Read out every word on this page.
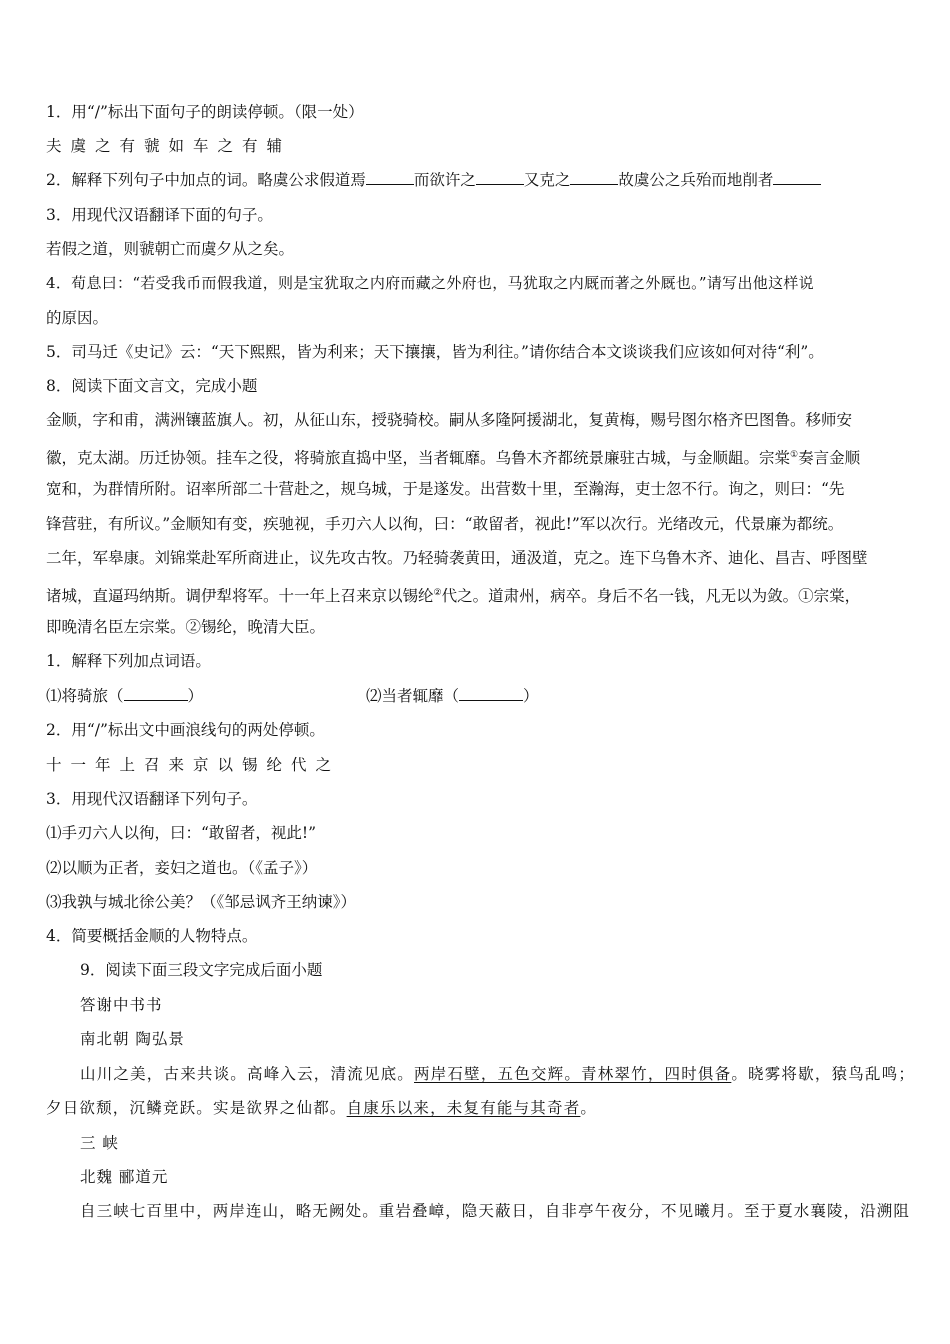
1．用“/”标出下面句子的朗读停顿。（限一处）
夫虞之有虢如车之有辅
2．解释下列句子中加点的词。略虞公求假道焉	而欲许之	又克之	故虞公之兵殆而地削者
3．用现代汉语翻译下面的句子。
若假之道，则虢朝亡而虞夕从之矣。
4．荀息曰：“若受我币而假我道，则是宝犹取之内府而藏之外府也，马犹取之内厩而著之外厩也。”请写出他这样说
的原因。
5．司马迁《史记》云：“天下熙熙，皆为利来；天下攘攘，皆为利往。”请你结合本文谈谈我们应该如何对待“利”。
8．阅读下面文言文，完成小题
金顺，字和甫，满洲镶蓝旗人。初，从征山东，授骁骑校。嗣从多隆阿援湖北，复黄梅，赐号图尔格齐巴图鲁。移师安
徽，克太湖。历迁协领。挂车之役，将骑旅直捣中坚，当者辄靡。乌鲁木齐都统景廉驻古城，与金顺龃。宗棠①奏言金顺
宽和，为群情所附。诏率所部二十营赴之，规乌城，于是遂发。出营数十里，至瀚海，吏士忽不行。询之，则曰：“先
锋营驻，有所议。”金顺知有变，疾驰视，手刃六人以徇，曰：“敢留者，视此!”军以次行。光绪改元，代景廉为都统。
二年，军皋康。刘锦棠赴军所商进止，议先攻古牧。乃轻骑袭黄田，通汲道，克之。连下乌鲁木齐、迪化、昌吉、呼图壁
诸城，直逼玛纳斯。调伊犁将军。十一年上召来京以锡纶②代之。道肃州，病卒。身后不名一钱，凡无以为敛。①宗棠，
即晚清名臣左宗棠。②锡纶，晚清大臣。
1．解释下列加点词语。
⑴将骑旅（	）	⑵当者辄靡（	）
2．用“/”标出文中画浪线句的两处停顿。
十一年上召来京以锡纶代之
3．用现代汉语翻译下列句子。
⑴手刃六人以徇，曰：“敢留者，视此!”
⑵以顺为正者，妾妇之道也。（《孟子》）
⑶我孰与城北徐公美？（《邹忌讽齐王纳谏》）
4．简要概括金顺的人物特点。
9．阅读下面三段文字完成后面小题
答谢中书书
南北朝 陶弘景
山川之美，古来共谈。高峰入云，清流见底。两岸石壁，五色交辉。青林翠竹，四时俱备。晓雾将歇，猿鸟乱鸣；
夕日欲颓，沉鳞竞跃。实是欲界之仙都。自康乐以来，未复有能与其奇者。
三 峡
北魏 郦道元
自三峡七百里中，两岸连山，略无阙处。重岩叠嶂，隐天蔽日，自非亭午夜分，不见曦月。至于夏水襄陵，沿溯阻
